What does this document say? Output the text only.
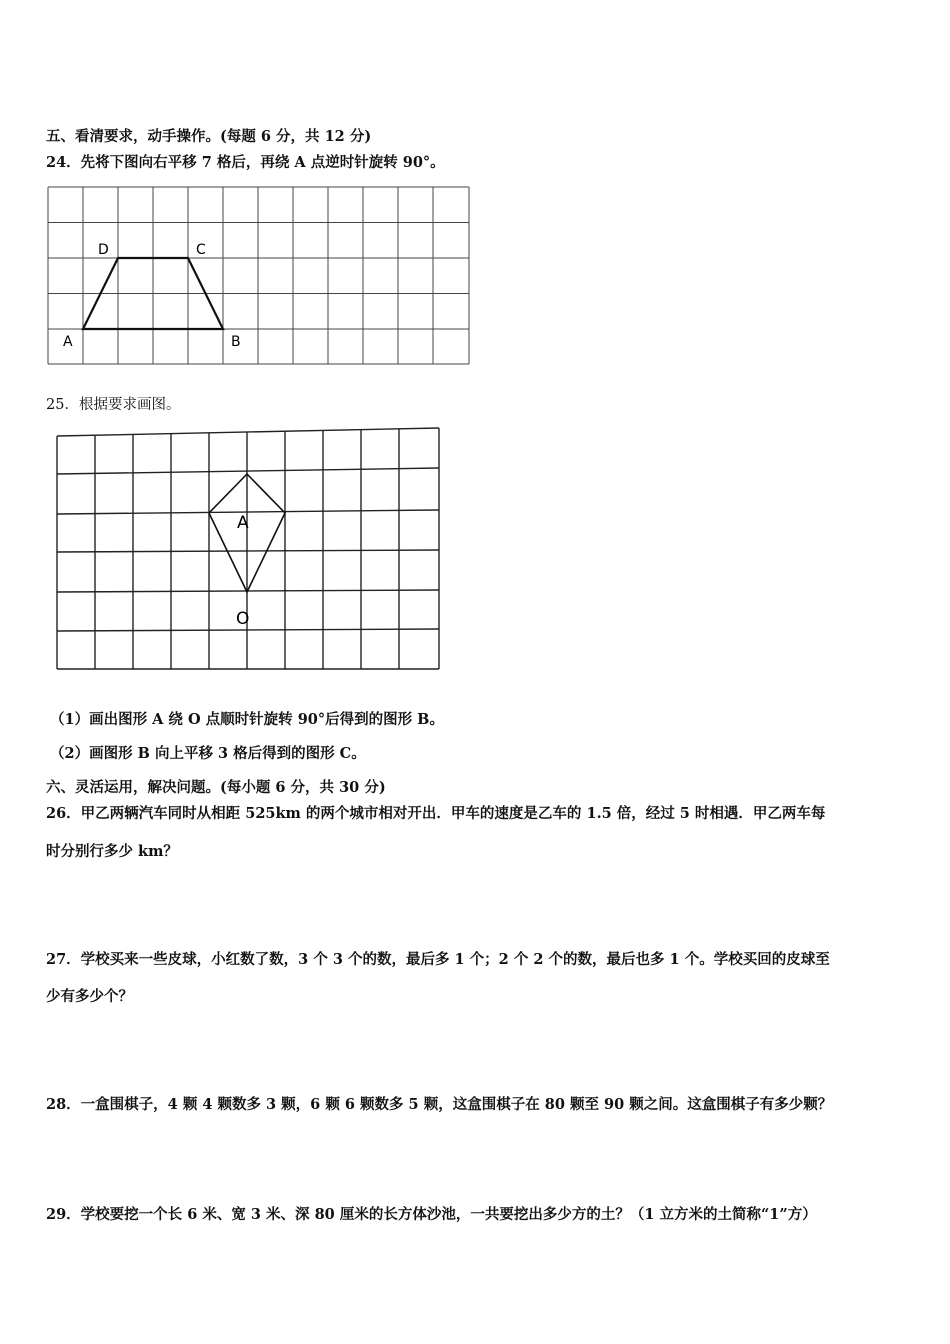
五、看清要求，动手操作。(每题 6 分，共 12 分)
24．先将下图向右平移 7 格后，再绕 A 点逆时针旋转 90°。
D	C
A	B
25．根据要求画图。
A
O
（1）画出图形 A 绕 O 点顺时针旋转 90°后得到的图形 B。
（2）画图形 B 向上平移 3 格后得到的图形 C。
六、灵活运用，解决问题。(每小题 6 分，共 30 分)
26．甲乙两辆汽车同时从相距 525km 的两个城市相对开出．甲车的速度是乙车的 1.5 倍，经过 5 时相遇．甲乙两车每
时分别行多少 km？
27．学校买来一些皮球，小红数了数，3 个 3 个的数，最后多 1 个；2 个 2 个的数，最后也多 1 个。学校买回的皮球至
少有多少个？
28．一盒围棋子，4 颗 4 颗数多 3 颗，6 颗 6 颗数多 5 颗，这盒围棋子在 80 颗至 90 颗之间。这盒围棋子有多少颗？
29．学校要挖一个长 6 米、宽 3 米、深 80 厘米的长方体沙池，一共要挖出多少方的土？（1 立方米的土简称“1”方）
